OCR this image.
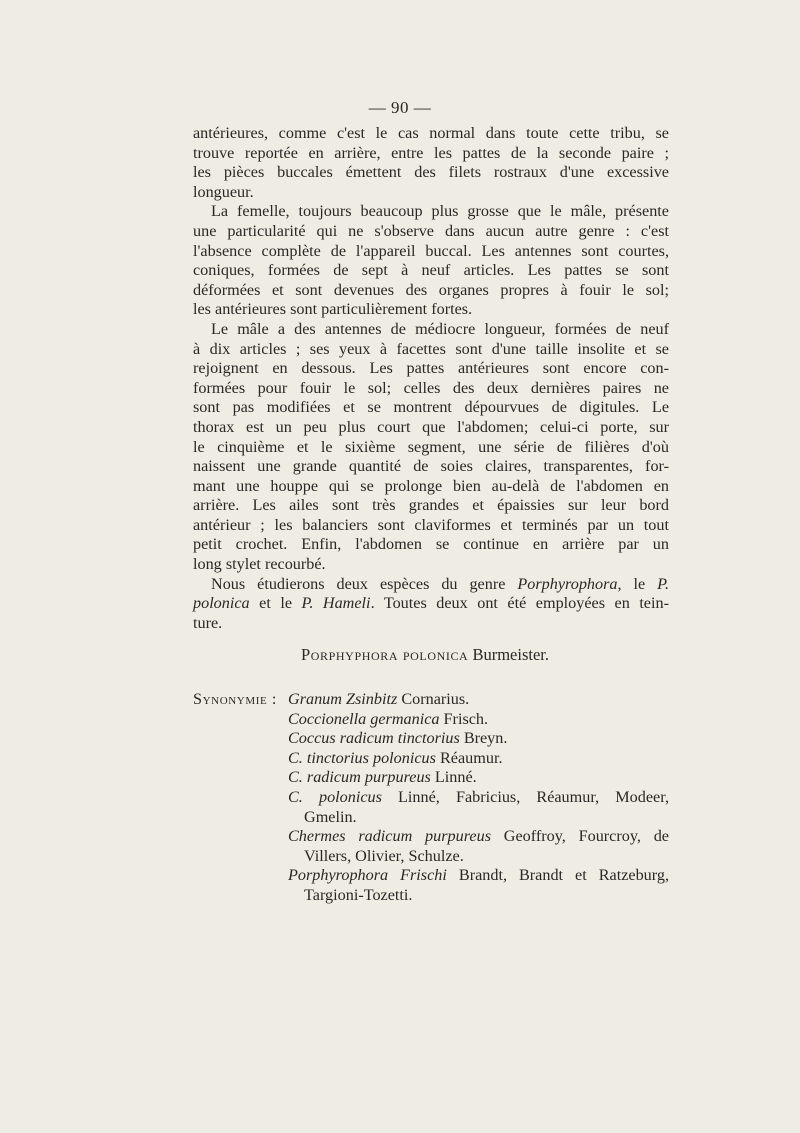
— 90 —
antérieures, comme c'est le cas normal dans toute cette tribu, se
trouve reportée en arrière, entre les pattes de la seconde paire ;
les pièces buccales émettent des filets rostraux d'une excessive
longueur.
La femelle, toujours beaucoup plus grosse que le mâle, présente
une particularité qui ne s'observe dans aucun autre genre : c'est
l'absence complète de l'appareil buccal. Les antennes sont courtes,
coniques, formées de sept à neuf articles. Les pattes se sont
déformées et sont devenues des organes propres à fouir le sol;
les antérieures sont particulièrement fortes.
Le mâle a des antennes de médiocre longueur, formées de neuf
à dix articles ; ses yeux à facettes sont d'une taille insolite et se
rejoignent en dessous. Les pattes antérieures sont encore con-
formées pour fouir le sol; celles des deux dernières paires ne
sont pas modifiées et se montrent dépourvues de digitules. Le
thorax est un peu plus court que l'abdomen; celui-ci porte, sur
le cinquième et le sixième segment, une série de filières d'où
naissent une grande quantité de soies claires, transparentes, for-
mant une houppe qui se prolonge bien au-delà de l'abdomen en
arrière. Les ailes sont très grandes et épaissies sur leur bord
antérieur ; les balanciers sont claviformes et terminés par un tout
petit crochet. Enfin, l'abdomen se continue en arrière par un
long stylet recourbé.
Nous étudierons deux espèces du genre Porphyrophora, le P.
polonica et le P. Hameli. Toutes deux ont été employées en tein-
ture.
Porphyphora polonica Burmeister.
Synonymie : Granum Zsinbitz Cornarius.
Coccionella germanica Frisch.
Coccus radicum tinctorius Breyn.
C. tinctorius polonicus Réaumur.
C. radicum purpureus Linné.
C. polonicus Linné, Fabricius, Réaumur, Modeer,
Gmelin.
Chermes radicum purpureus Geoffroy, Fourcroy, de
Villers, Olivier, Schulze.
Porphyrophora Frischi Brandt, Brandt et Ratzeburg,
Targioni-Tozetti.
